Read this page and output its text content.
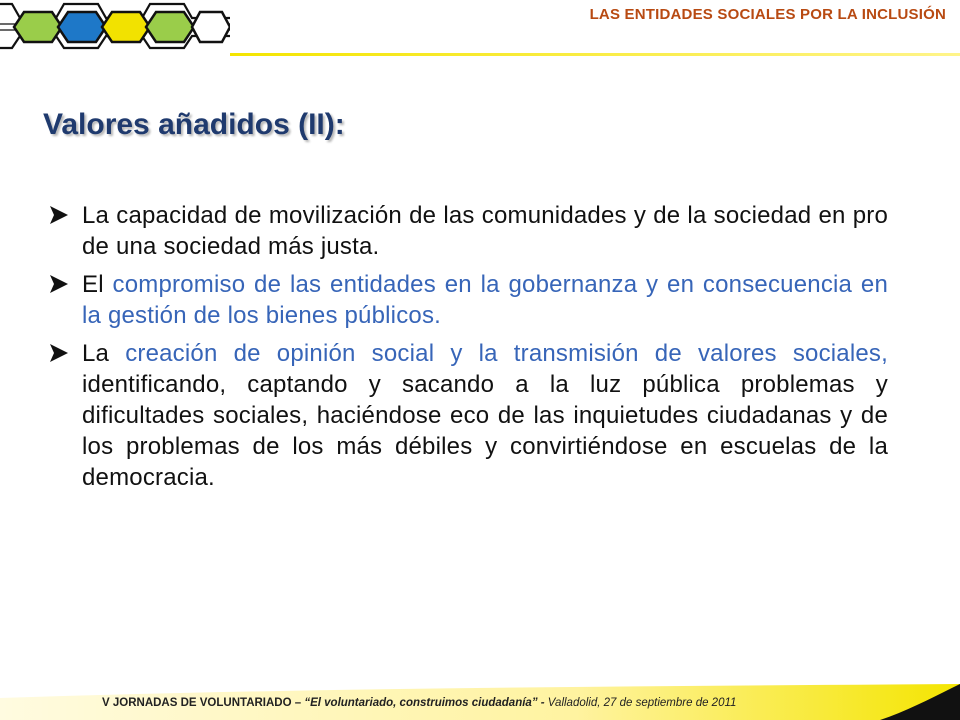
LAS ENTIDADES SOCIALES POR LA INCLUSIÓN
Valores añadidos (II):
La capacidad de movilización de las comunidades y de la sociedad en pro de una sociedad más justa.
El compromiso de las entidades en la gobernanza y en consecuencia en la gestión de los bienes públicos.
La creación de opinión social y la transmisión de valores sociales, identificando, captando y sacando a la luz pública problemas y dificultades sociales, haciéndose eco de las inquietudes ciudadanas y de los problemas de los más débiles y convirtiéndose en escuelas de la democracia.
V JORNADAS DE VOLUNTARIADO – “El voluntariado, construimos ciudadanía” - Valladolid, 27 de septiembre de 2011
